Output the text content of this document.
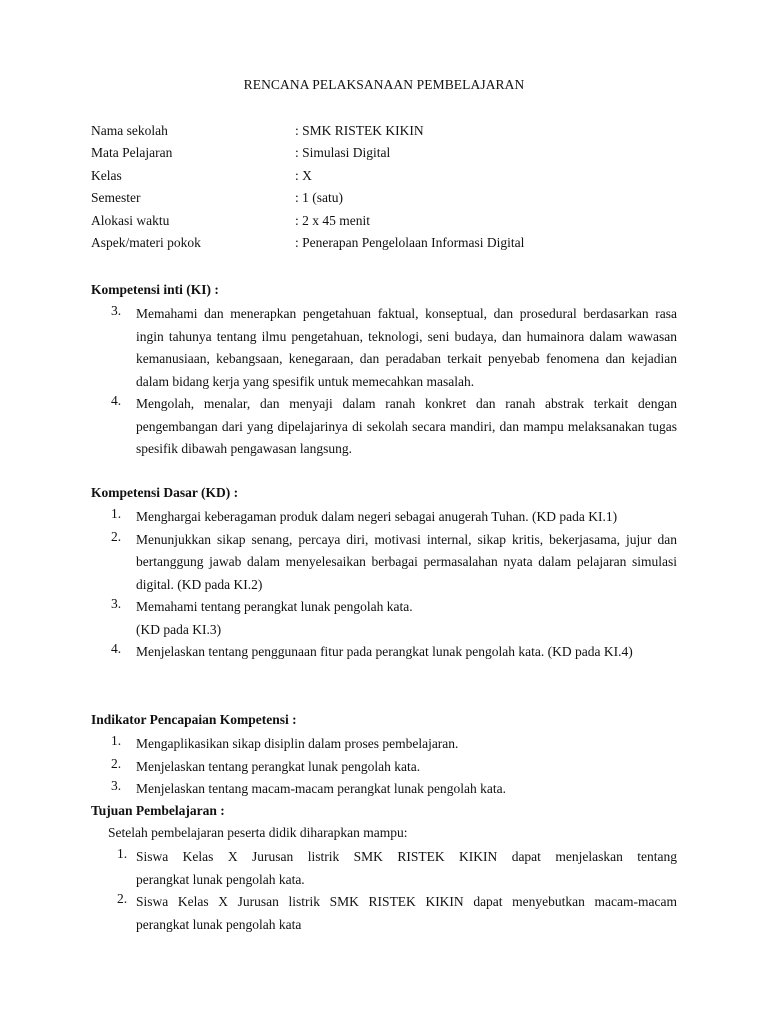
RENCANA PELAKSANAAN PEMBELAJARAN
Nama sekolah	: SMK RISTEK KIKIN
Mata Pelajaran	: Simulasi Digital
Kelas	: X
Semester	: 1 (satu)
Alokasi waktu	: 2 x 45 menit
Aspek/materi pokok	: Penerapan Pengelolaan Informasi Digital
Kompetensi inti (KI) :
3.	Memahami dan menerapkan pengetahuan faktual, konseptual, dan prosedural berdasarkan rasa ingin tahunya tentang ilmu pengetahuan, teknologi, seni budaya, dan humainora dalam wawasan kemanusiaan, kebangsaan, kenegaraan, dan peradaban terkait penyebab fenomena dan kejadian dalam bidang kerja yang spesifik untuk memecahkan masalah.
4.	Mengolah, menalar, dan menyaji dalam ranah konkret dan ranah abstrak terkait dengan pengembangan dari yang dipelajarinya di sekolah secara mandiri, dan mampu melaksanakan tugas spesifik dibawah pengawasan langsung.
Kompetensi Dasar (KD) :
1.	Menghargai keberagaman produk dalam negeri sebagai anugerah Tuhan. (KD pada KI.1)
2.	Menunjukkan sikap senang, percaya diri, motivasi internal, sikap kritis, bekerjasama, jujur dan bertanggung jawab dalam menyelesaikan berbagai permasalahan nyata dalam pelajaran simulasi digital. (KD pada KI.2)
3.	Memahami tentang perangkat lunak pengolah kata.
(KD pada KI.3)
4.	Menjelaskan tentang penggunaan fitur pada perangkat lunak pengolah kata. (KD pada KI.4)
Indikator Pencapaian Kompetensi :
1.	Mengaplikasikan sikap disiplin dalam proses pembelajaran.
2.	Menjelaskan tentang perangkat lunak pengolah kata.
3.	Menjelaskan tentang macam-macam perangkat lunak pengolah kata.
Tujuan Pembelajaran :
Setelah pembelajaran peserta didik diharapkan mampu:
1. Siswa Kelas X Jurusan listrik SMK RISTEK KIKIN dapat menjelaskan tentang
perangkat lunak pengolah kata.
2. Siswa Kelas X Jurusan listrik SMK RISTEK KIKIN dapat menyebutkan macam-macam
perangkat lunak pengolah kata
